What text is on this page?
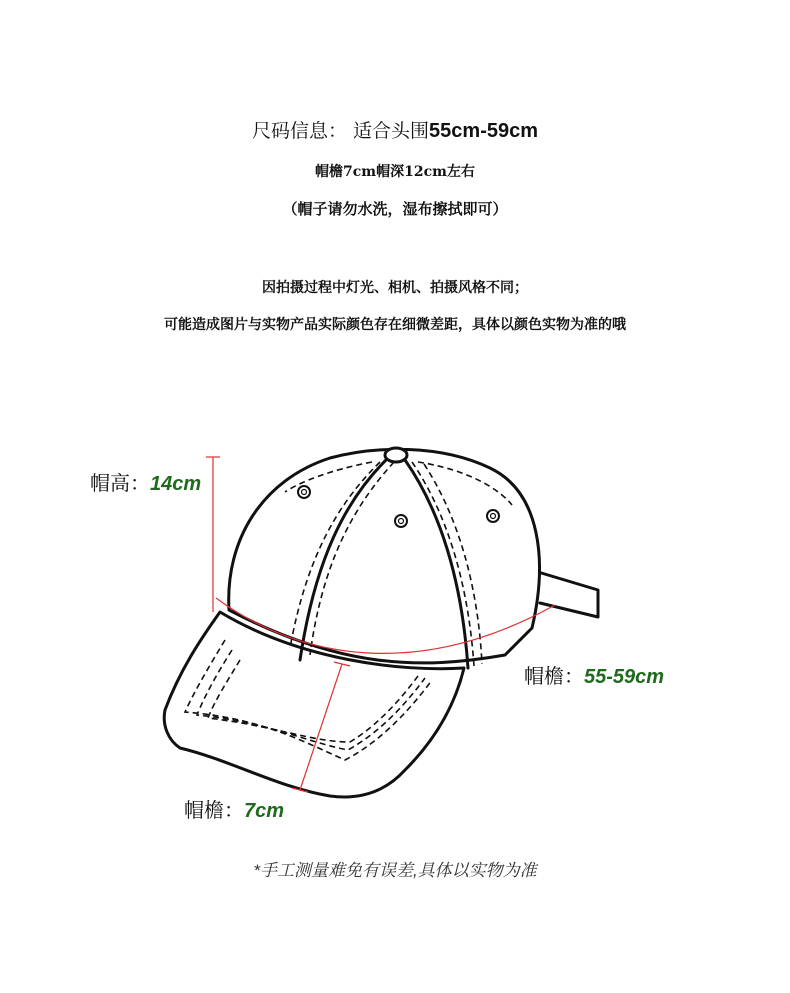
尺码信息： 适合头围55cm-59cm
帽檐7cm帽深12cm左右
（帽子请勿水洗，湿布擦拭即可）
因拍摄过程中灯光、相机、拍摄风格不同；
可能造成图片与实物产品实际颜色存在细微差距，具体以颜色实物为准的哦
帽高：14cm
帽檐：55-59cm
帽檐：7cm
*手工测量难免有误差,具体以实物为准
